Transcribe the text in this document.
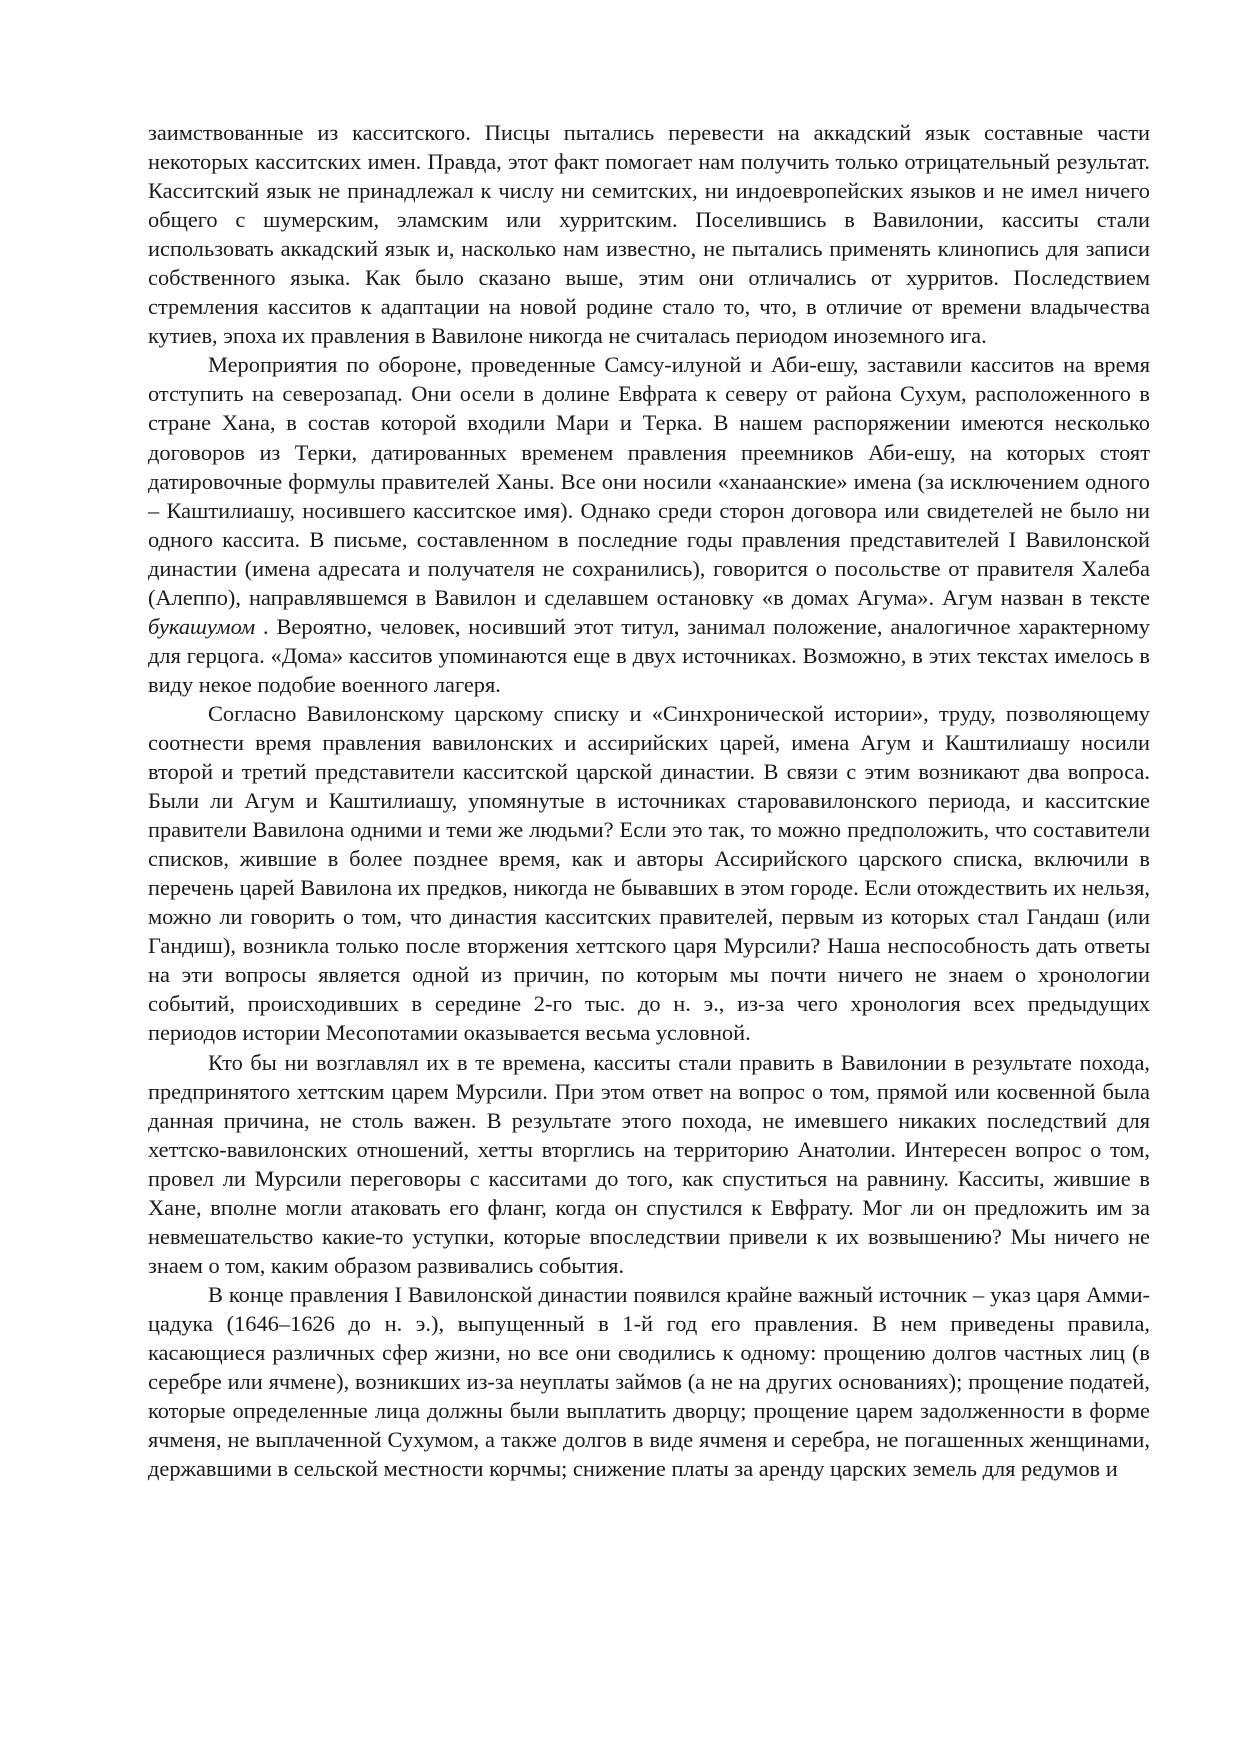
заимствованные из касситского. Писцы пытались перевести на аккадский язык составные части некоторых касситских имен. Правда, этот факт помогает нам получить только отрицательный результат. Касситский язык не принадлежал к числу ни семитских, ни индоевропейских языков и не имел ничего общего с шумерским, эламским или хурритским. Поселившись в Вавилонии, касситы стали использовать аккадский язык и, насколько нам известно, не пытались применять клинопись для записи собственного языка. Как было сказано выше, этим они отличались от хурритов. Последствием стремления касситов к адаптации на новой родине стало то, что, в отличие от времени владычества кутиев, эпоха их правления в Вавилоне никогда не считалась периодом иноземного ига.

Мероприятия по обороне, проведенные Самсу-илуной и Аби-ешу, заставили касситов на время отступить на северозапад. Они осели в долине Евфрата к северу от района Сухум, расположенного в стране Хана, в состав которой входили Мари и Терка. В нашем распоряжении имеются несколько договоров из Терки, датированных временем правления преемников Аби-ешу, на которых стоят датировочные формулы правителей Ханы. Все они носили «ханаанские» имена (за исключением одного – Каштилиашу, носившего касситское имя). Однако среди сторон договора или свидетелей не было ни одного кассита. В письме, составленном в последние годы правления представителей I Вавилонской династии (имена адресата и получателя не сохранились), говорится о посольстве от правителя Халеба (Алеппо), направлявшемся в Вавилон и сделавшем остановку «в домах Агума». Агум назван в тексте букашумом . Вероятно, человек, носивший этот титул, занимал положение, аналогичное характерному для герцога. «Дома» касситов упоминаются еще в двух источниках. Возможно, в этих текстах имелось в виду некое подобие военного лагеря.

Согласно Вавилонскому царскому списку и «Синхронической истории», труду, позволяющему соотнести время правления вавилонских и ассирийских царей, имена Агум и Каштилиашу носили второй и третий представители касситской царской династии. В связи с этим возникают два вопроса. Были ли Агум и Каштилиашу, упомянутые в источниках старовавилонского периода, и касситские правители Вавилона одними и теми же людьми? Если это так, то можно предположить, что составители списков, жившие в более позднее время, как и авторы Ассирийского царского списка, включили в перечень царей Вавилона их предков, никогда не бывавших в этом городе. Если отождествить их нельзя, можно ли говорить о том, что династия касситских правителей, первым из которых стал Гандаш (или Гандиш), возникла только после вторжения хеттского царя Мурсили? Наша неспособность дать ответы на эти вопросы является одной из причин, по которым мы почти ничего не знаем о хронологии событий, происходивших в середине 2-го тыс. до н. э., из-за чего хронология всех предыдущих периодов истории Месопотамии оказывается весьма условной.

Кто бы ни возглавлял их в те времена, касситы стали править в Вавилонии в результате похода, предпринятого хеттским царем Мурсили. При этом ответ на вопрос о том, прямой или косвенной была данная причина, не столь важен. В результате этого похода, не имевшего никаких последствий для хеттско-вавилонских отношений, хетты вторглись на территорию Анатолии. Интересен вопрос о том, провел ли Мурсили переговоры с касситами до того, как спуститься на равнину. Касситы, жившие в Хане, вполне могли атаковать его фланг, когда он спустился к Евфрату. Мог ли он предложить им за невмешательство какие-то уступки, которые впоследствии привели к их возвышению? Мы ничего не знаем о том, каким образом развивались события.

В конце правления I Вавилонской династии появился крайне важный источник – указ царя Амми-цадука (1646–1626 до н. э.), выпущенный в 1-й год его правления. В нем приведены правила, касающиеся различных сфер жизни, но все они сводились к одному: прощению долгов частных лиц (в серебре или ячмене), возникших из-за неуплаты займов (а не на других основаниях); прощение податей, которые определенные лица должны были выплатить дворцу; прощение царем задолженности в форме ячменя, не выплаченной Сухумом, а также долгов в виде ячменя и серебра, не погашенных женщинами, державшими в сельской местности корчмы; снижение платы за аренду царских земель для редумов и
